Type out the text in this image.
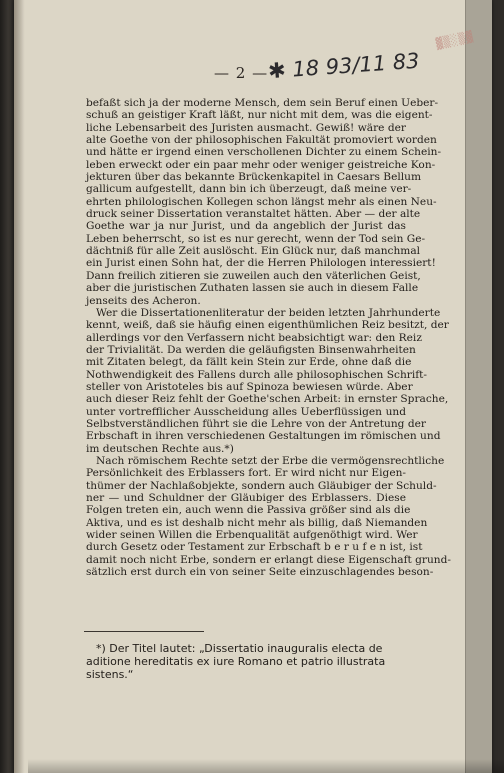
▓▒░▒▓
— 2 — ✱ 18 93/11 83
befaßt sich ja der moderne Mensch, dem sein Beruf einen Ueber-
schuß an geistiger Kraft läßt, nur nicht mit dem, was die eigent-
liche Lebensarbeit des Juristen ausmacht. Gewiß! wäre der
alte Goethe von der philosophischen Fakultät promoviert worden
und hätte er irgend einen verschollenen Dichter zu einem Schein-
leben erweckt oder ein paar mehr oder weniger geistreiche Kon-
jekturen über das bekannte Brückenkapitel in Caesars Bellum
gallicum aufgestellt, dann bin ich überzeugt, daß meine ver-
ehrten philologischen Kollegen schon längst mehr als einen Neu-
druck seiner Dissertation veranstaltet hätten. Aber — der alte
Goethe war ja nur Jurist, und da angeblich der Jurist das
Leben beherrscht, so ist es nur gerecht, wenn der Tod sein Ge-
dächtniß für alle Zeit auslöscht. Ein Glück nur, daß manchmal
ein Jurist einen Sohn hat, der die Herren Philologen interessiert!
Dann freilich zitieren sie zuweilen auch den väterlichen Geist,
aber die juristischen Zuthaten lassen sie auch in diesem Falle
jenseits des Acheron.
Wer die Dissertationenliteratur der beiden letzten Jahrhunderte
kennt, weiß, daß sie häufig einen eigenthümlichen Reiz besitzt, der
allerdings vor den Verfassern nicht beabsichtigt war: den Reiz
der Trivialität. Da werden die geläufigsten Binsenwahrheiten
mit Zitaten belegt, da fällt kein Stein zur Erde, ohne daß die
Nothwendigkeit des Fallens durch alle philosophischen Schrift-
steller von Aristoteles bis auf Spinoza bewiesen würde. Aber
auch dieser Reiz fehlt der Goethe'schen Arbeit: in ernster Sprache,
unter vortrefflicher Ausscheidung alles Ueberflüssigen und
Selbstverständlichen führt sie die Lehre von der Antretung der
Erbschaft in ihren verschiedenen Gestaltungen im römischen und
im deutschen Rechte aus.*)
Nach römischem Rechte setzt der Erbe die vermögensrechtliche
Persönlichkeit des Erblassers fort. Er wird nicht nur Eigen-
thümer der Nachlaßobjekte, sondern auch Gläubiger der Schuld-
ner — und Schuldner der Gläubiger des Erblassers. Diese
Folgen treten ein, auch wenn die Passiva größer sind als die
Aktiva, und es ist deshalb nicht mehr als billig, daß Niemanden
wider seinen Willen die Erbenqualität aufgenöthigt wird. Wer
durch Gesetz oder Testament zur Erbschaft b e r u f e n ist, ist
damit noch nicht Erbe, sondern er erlangt diese Eigenschaft grund-
sätzlich erst durch ein von seiner Seite einzuschlagendes beson-
*) Der Titel lautet: „Dissertatio inauguralis electa de
aditione hereditatis ex iure Romano et patrio illustrata
sistens.“
